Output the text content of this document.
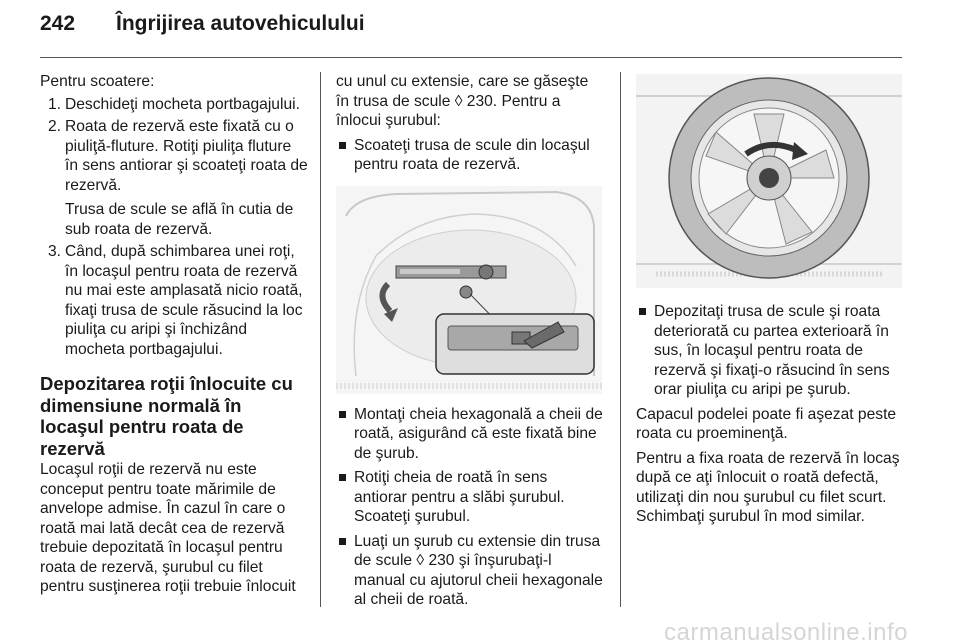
242	Îngrijirea autovehiculului

Pentru scoatere:

1. Deschideţi mocheta portbagajului.
2. Roata de rezervă este fixată cu o piuliţă-fluture. Rotiţi piuliţa fluture în sens antiorar şi scoateţi roata de rezervă.

Trusa de scule se află în cutia de sub roata de rezervă.

3. Când, după schimbarea unei roţi, în locaşul pentru roata de rezervă nu mai este amplasată nicio roată, fixaţi trusa de scule răsucind la loc piuliţa cu aripi şi închizând mocheta portbagajului.
Depozitarea roţii înlocuite cu dimensiune normală în locaşul pentru roata de rezervă

Locaşul roţii de rezervă nu este conceput pentru toate mărimile de anvelope admise. În cazul în care o roată mai lată decât cea de rezervă trebuie depozitată în locaşul pentru roata de rezervă, şurubul cu filet pentru susţinerea roţii trebuie înlocuit

cu unul cu extensie, care se găseşte în trusa de scule ◊ 230. Pentru a înlocui şurubul:

Scoateţi trusa de scule din locaşul pentru roata de rezervă.
Montaţi cheia hexagonală a cheii de roată, asigurând că este fixată bine de şurub.
Rotiţi cheia de roată în sens antiorar pentru a slăbi şurubul. Scoateţi şurubul.
Luaţi un şurub cu extensie din trusa de scule ◊ 230 şi înşurubaţi-l manual cu ajutorul cheii hexagonale al cheii de roată.
Depozitaţi trusa de scule şi roata deteriorată cu partea exterioară în sus, în locaşul pentru roata de rezervă şi fixaţi-o răsucind în sens orar piuliţa cu aripi pe şurub.

Capacul podelei poate fi aşezat peste roata cu proeminenţă.

Pentru a fixa roata de rezervă în locaş după ce aţi înlocuit o roată defectă, utilizaţi din nou şurubul cu filet scurt. Schimbaţi şurubul în mod similar.

carmanualsonline.info
